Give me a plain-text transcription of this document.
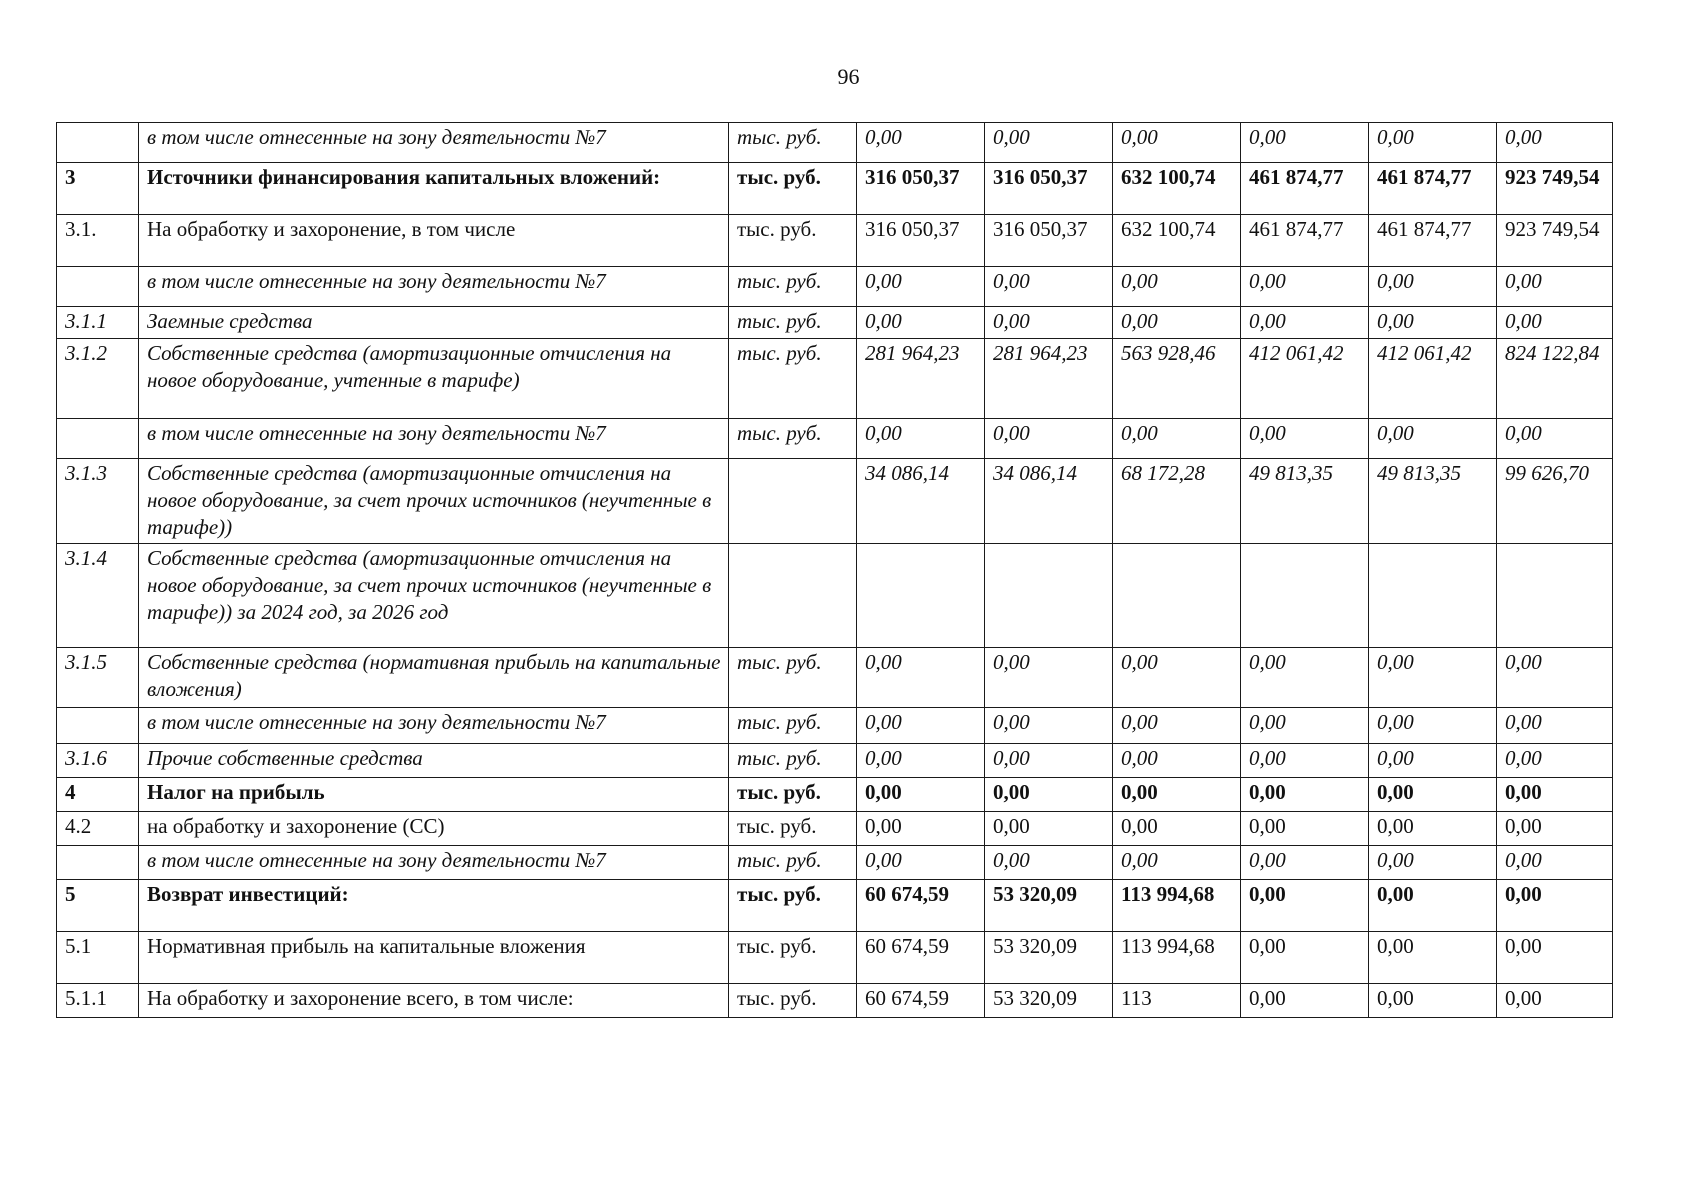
96
	в том числе отнесенные на зону деятельности №7	тыс. руб.	0,00	0,00	0,00	0,00	0,00	0,00
3	Источники финансирования капитальных вложений:	тыс. руб.	316 050,37	316 050,37	632 100,74	461 874,77	461 874,77	923 749,54
3.1.	На обработку и захоронение, в том числе	тыс. руб.	316 050,37	316 050,37	632 100,74	461 874,77	461 874,77	923 749,54
	в том числе отнесенные на зону деятельности №7	тыс. руб.	0,00	0,00	0,00	0,00	0,00	0,00
3.1.1	Заемные средства	тыс. руб.	0,00	0,00	0,00	0,00	0,00	0,00
3.1.2	Собственные средства (амортизационные отчисления на новое оборудование, учтенные в тарифе)	тыс. руб.	281 964,23	281 964,23	563 928,46	412 061,42	412 061,42	824 122,84
	в том числе отнесенные на зону деятельности №7	тыс. руб.	0,00	0,00	0,00	0,00	0,00	0,00
3.1.3	Собственные средства (амортизационные отчисления на новое оборудование, за счет прочих источников (неучтенные в тарифе))		34 086,14	34 086,14	68 172,28	49 813,35	49 813,35	99 626,70
3.1.4	Собственные средства (амортизационные отчисления на новое оборудование, за счет прочих источников (неучтенные в тарифе)) за 2024 год, за 2026 год							
3.1.5	Собственные средства (нормативная прибыль на капитальные вложения)	тыс. руб.	0,00	0,00	0,00	0,00	0,00	0,00
	в том числе отнесенные на зону деятельности №7	тыс. руб.	0,00	0,00	0,00	0,00	0,00	0,00
3.1.6	Прочие собственные средства	тыс. руб.	0,00	0,00	0,00	0,00	0,00	0,00
4	Налог на прибыль	тыс. руб.	0,00	0,00	0,00	0,00	0,00	0,00
4.2	на обработку и захоронение (СС)	тыс. руб.	0,00	0,00	0,00	0,00	0,00	0,00
	в том числе отнесенные на зону деятельности №7	тыс. руб.	0,00	0,00	0,00	0,00	0,00	0,00
5	Возврат инвестиций:	тыс. руб.	60 674,59	53 320,09	113 994,68	0,00	0,00	0,00
5.1	Нормативная прибыль на капитальные вложения	тыс. руб.	60 674,59	53 320,09	113 994,68	0,00	0,00	0,00
5.1.1	На обработку и захоронение всего, в том числе:	тыс. руб.	60 674,59	53 320,09	113	0,00	0,00	0,00
